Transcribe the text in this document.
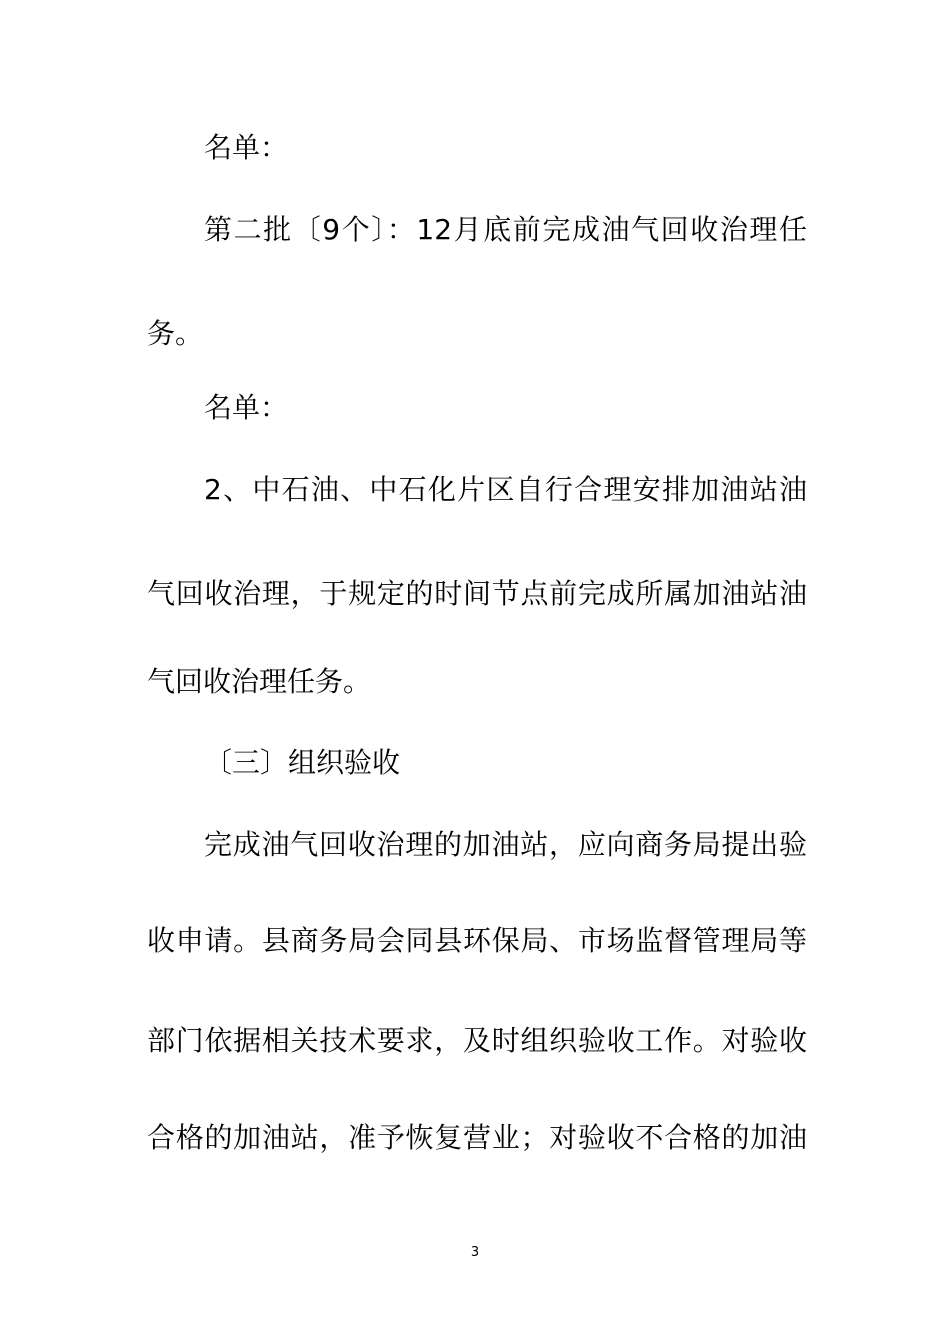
名单：
第二批〔9个〕：12月底前完成油气回收治理任
务。
名单：
2、中石油、中石化片区自行合理安排加油站油
气回收治理，于规定的时间节点前完成所属加油站油
气回收治理任务。
〔三〕组织验收
完成油气回收治理的加油站，应向商务局提出验
收申请。县商务局会同县环保局、市场监督管理局等
部门依据相关技术要求，及时组织验收工作。对验收
合格的加油站，准予恢复营业；对验收不合格的加油
3
